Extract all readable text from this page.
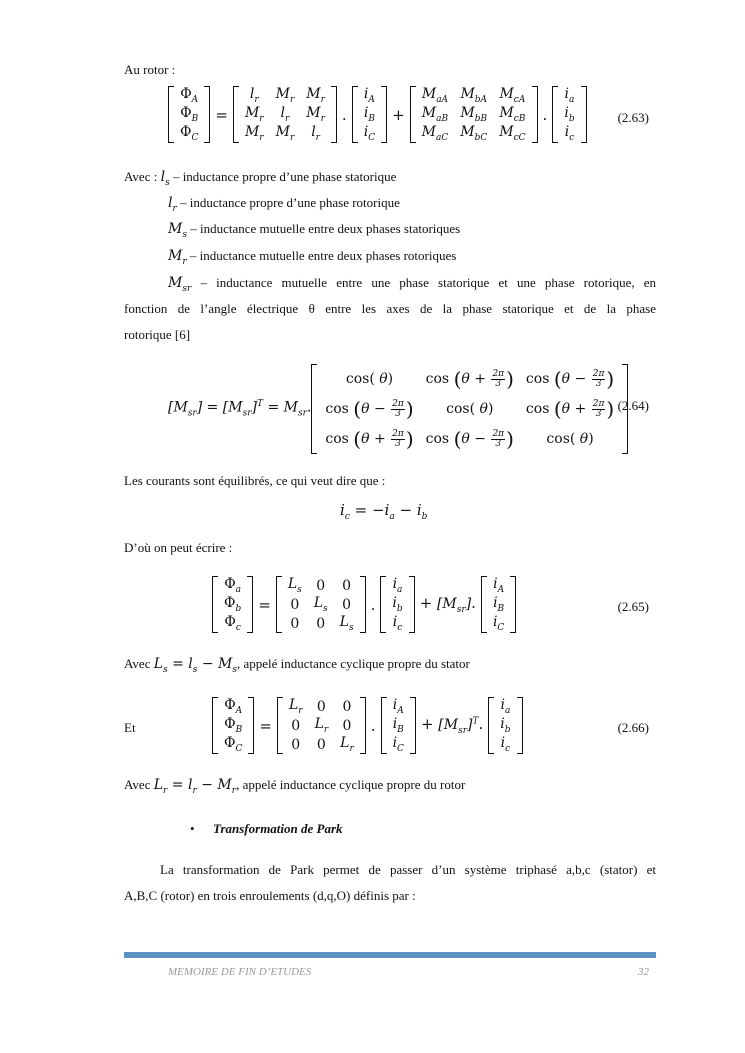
Au rotor :
$\Phi_A$
$\Phi_B$
$\Phi_C$
=
$l_r$	$M_r$	$M_r$
$M_r$	$l_r$	$M_r$
$M_r$	$M_r$	$l_r$
.
$i_A$
$i_B$
$i_C$
+
$M_{aA}$	$M_{bA}$	$M_{cA}$
$M_{aB}$	$M_{bB}$	$M_{cB}$
$M_{aC}$	$M_{bC}$	$M_{cC}$
.
$i_a$
$i_b$
$i_c$
(2.63)
Avec : $l_s$ – inductance propre d’une phase statorique
$l_r$ – inductance propre d’une phase rotorique
$M_s$ – inductance mutuelle entre deux phases statoriques
$M_r$ – inductance mutuelle entre deux phases rotoriques
$M_{sr}$ – inductance mutuelle entre une phase statorique et une phase rotorique, en
fonction de l’angle électrique θ entre les axes de la phase statorique et de la phase
rotorique [6]
$[M_{sr}] = [M_{sr}]^T = M_{sr}$.
cos( θ)	$\cos (\theta + \frac{2\pi}{3}$ )	$\cos (\theta - \frac{2\pi}{3}$ )
$\cos (\theta - \frac{2\pi}{3}$ )	cos( θ)	$\cos (\theta + \frac{2\pi}{3}$ )
$\cos (\theta + \frac{2\pi}{3}$ )	$\cos (\theta - \frac{2\pi}{3}$ )	cos( θ)
(2.64)
Les courants sont équilibrés, ce qui veut dire que :
$i_c = -i_a - i_b$
D’où on peut écrire :
$\Phi_a$
$\Phi_b$
$\Phi_c$
=
$L_s$	0	0
0	$L_s$	0
0	0	$L_s$
.
$i_a$
$i_b$
$i_c$
+ $[M_{sr}]$.
$i_A$
$i_B$
$i_C$
(2.65)
Avec $L_s = l_s - M_s$, appelé inductance cyclique propre du stator
Et
$\Phi_A$
$\Phi_B$
$\Phi_C$
=
$L_r$	0	0
0	$L_r$	0
0	0	$L_r$
.
$i_A$
$i_B$
$i_C$
+ $[M_{sr}]^T$.
$i_a$
$i_b$
$i_c$
(2.66)
Avec $L_r = l_r - M_r$, appelé inductance cyclique propre du rotor
• Transformation de Park
La transformation de Park permet de passer d’un système triphasé a,b,c (stator) et
A,B,C (rotor) en trois enroulements (d,q,O) définis par :
MEMOIRE DE FIN D’ETUDES	32
